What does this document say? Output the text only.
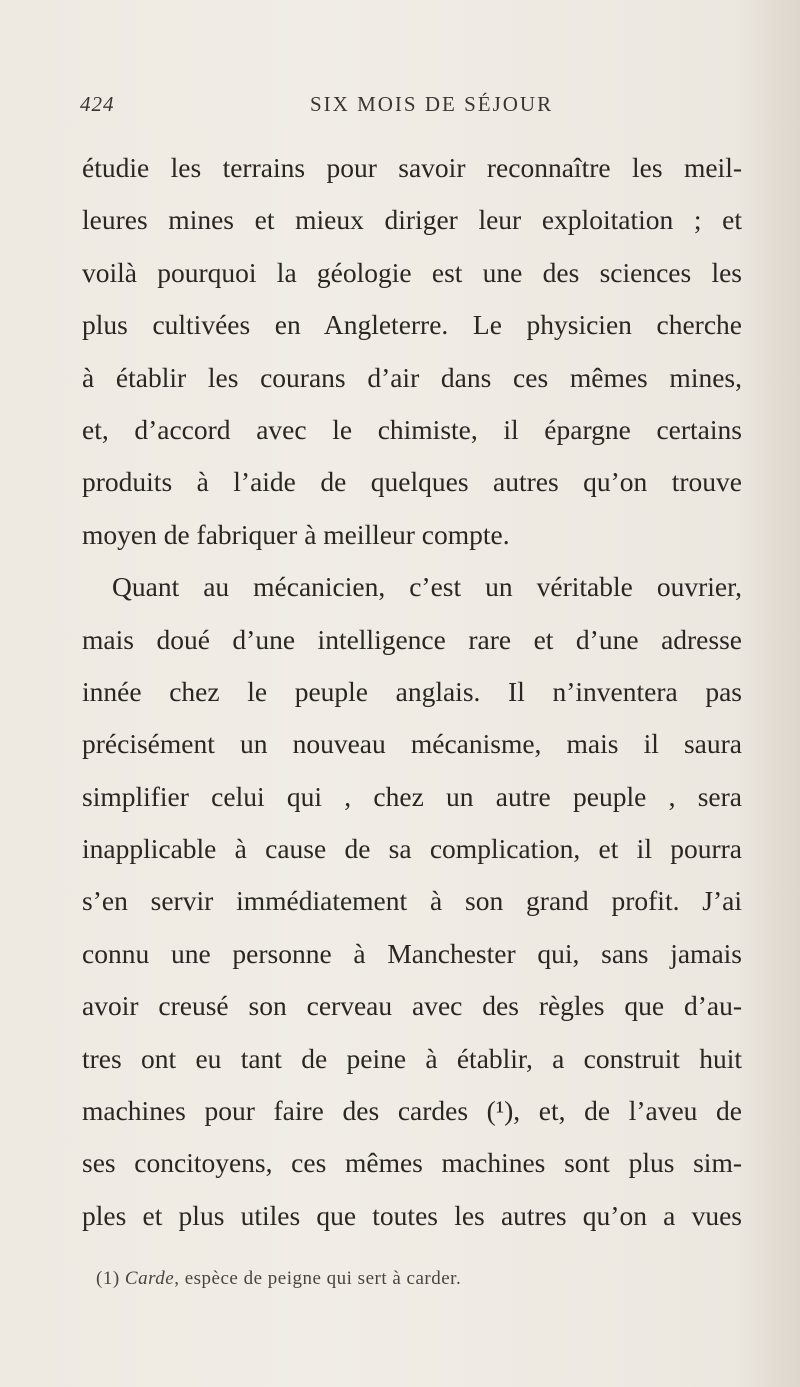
424	SIX MOIS DE SÉJOUR
étudie les terrains pour savoir reconnaître les meil-
leures mines et mieux diriger leur exploitation ; et
voilà pourquoi la géologie est une des sciences les
plus cultivées en Angleterre. Le physicien cherche
à établir les courans d’air dans ces mêmes mines,
et, d’accord avec le chimiste, il épargne certains
produits à l’aide de quelques autres qu’on trouve
moyen de fabriquer à meilleur compte.
Quant au mécanicien, c’est un véritable ouvrier,
mais doué d’une intelligence rare et d’une adresse
innée chez le peuple anglais. Il n’inventera pas
précisément un nouveau mécanisme, mais il saura
simplifier celui qui , chez un autre peuple , sera
inapplicable à cause de sa complication, et il pourra
s’en servir immédiatement à son grand profit. J’ai
connu une personne à Manchester qui, sans jamais
avoir creusé son cerveau avec des règles que d’au-
tres ont eu tant de peine à établir, a construit huit
machines pour faire des cardes (¹), et, de l’aveu de
ses concitoyens, ces mêmes machines sont plus sim-
ples et plus utiles que toutes les autres qu’on a vues
(1) Carde, espèce de peigne qui sert à carder.
